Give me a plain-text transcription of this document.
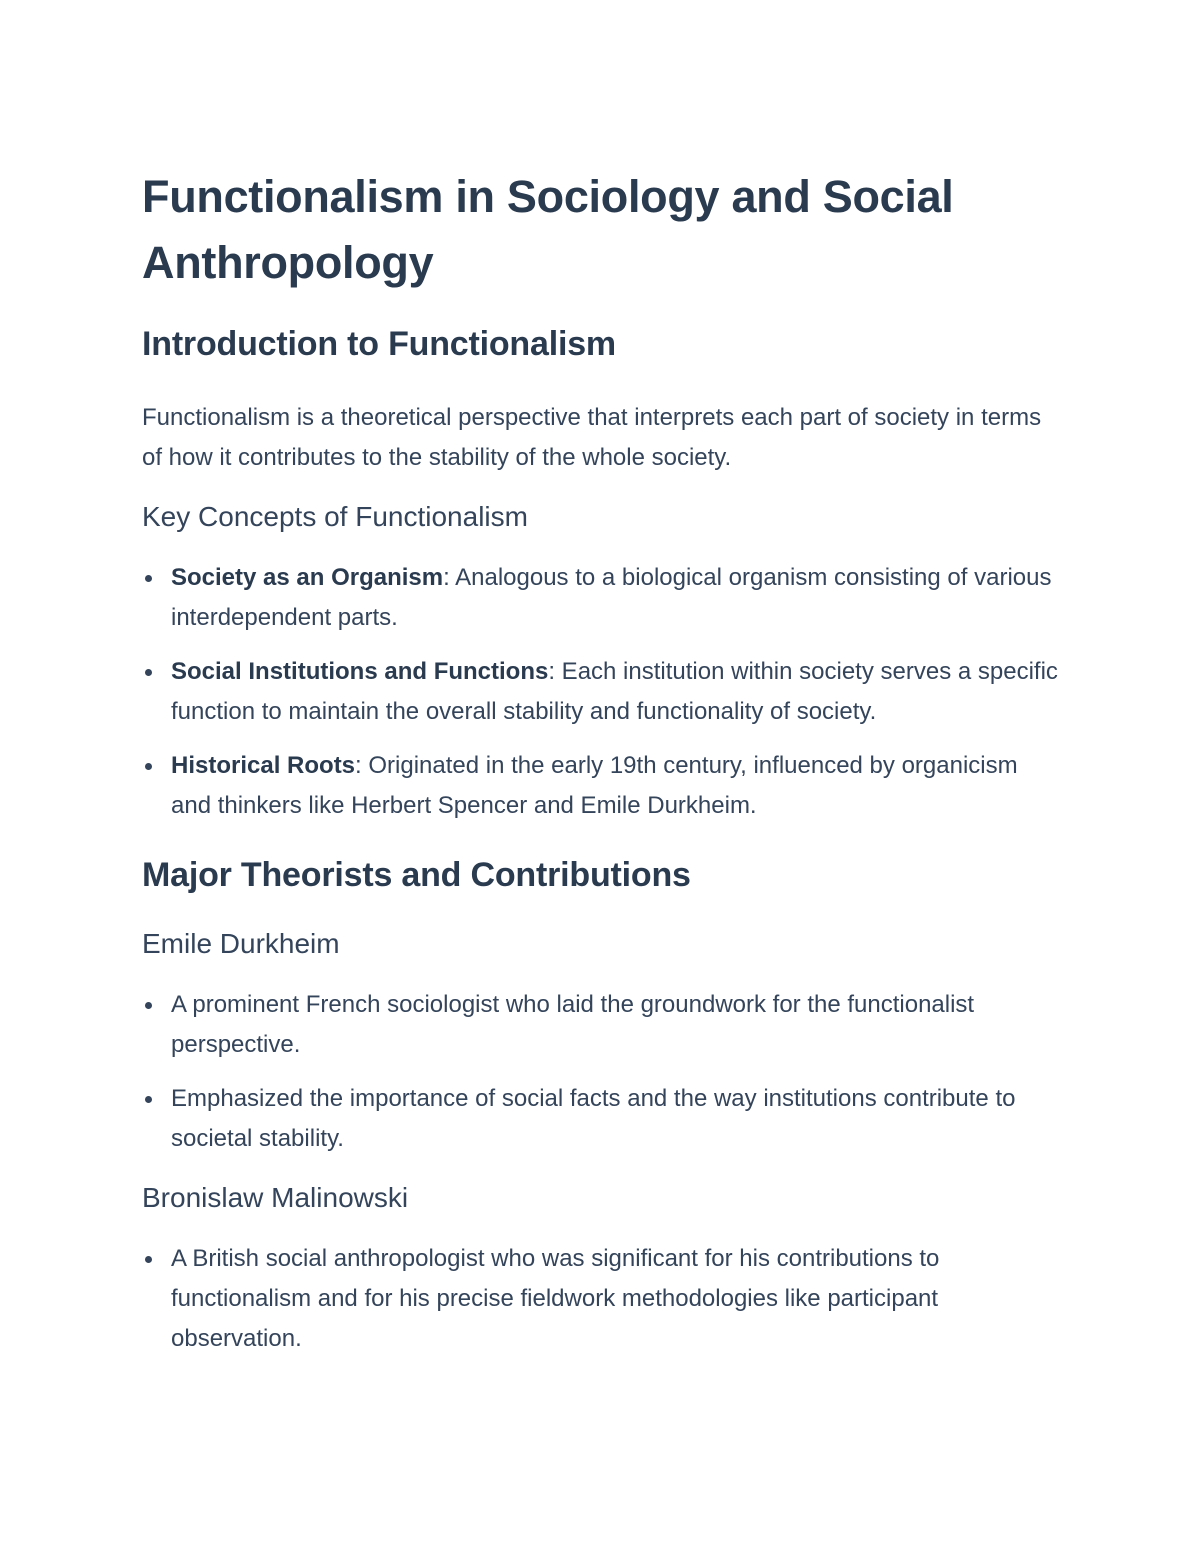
Functionalism in Sociology and Social Anthropology
Introduction to Functionalism

Functionalism is a theoretical perspective that interprets each part of society in terms of how it contributes to the stability of the whole society.

Key Concepts of Functionalism
Society as an Organism: Analogous to a biological organism consisting of various interdependent parts.
Social Institutions and Functions: Each institution within society serves a specific function to maintain the overall stability and functionality of society.
Historical Roots: Originated in the early 19th century, influenced by organicism and thinkers like Herbert Spencer and Emile Durkheim.
Major Theorists and Contributions
Emile Durkheim
A prominent French sociologist who laid the groundwork for the functionalist perspective.
Emphasized the importance of social facts and the way institutions contribute to societal stability.
Bronislaw Malinowski
A British social anthropologist who was significant for his contributions to functionalism and for his precise fieldwork methodologies like participant observation.
